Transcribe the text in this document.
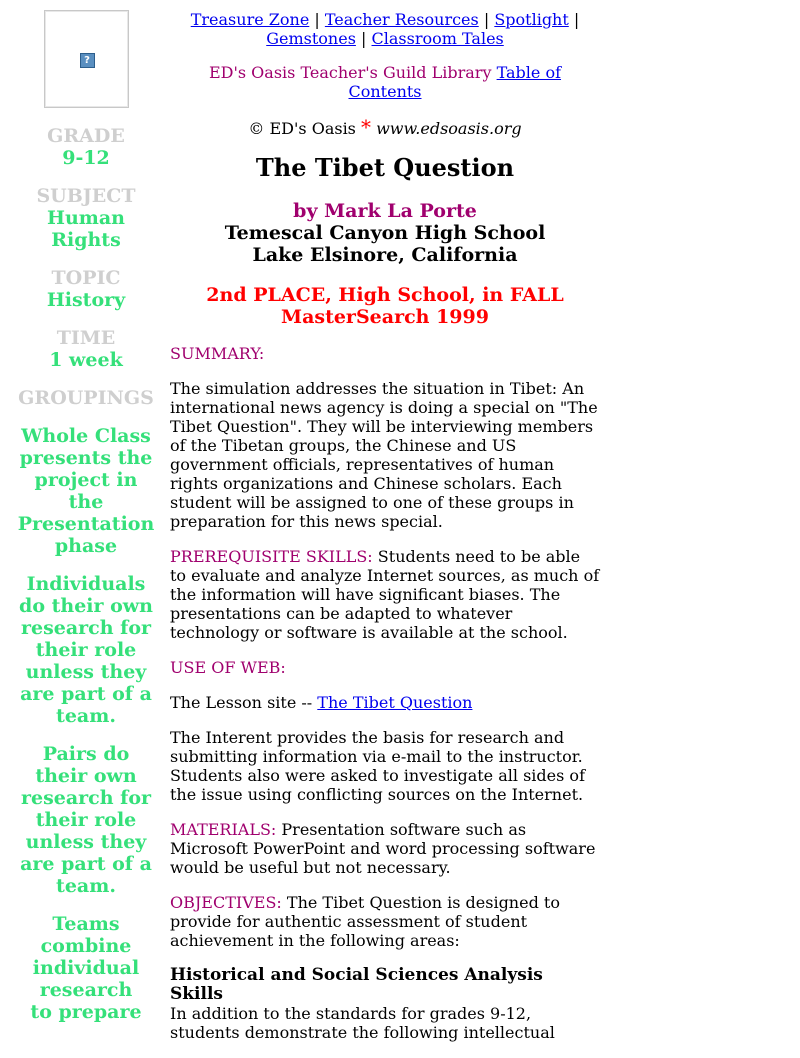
?
GRADE
9-12
SUBJECT
Human Rights
TOPIC
History
TIME
1 week
GROUPINGS
Whole Class presents the project in the Presentation phase
Individuals do their own research for their role unless they are part of a team.
Pairs do their own research for their role unless they are part of a team.
Teams combine individual research to prepare
Treasure Zone | Teacher Resources | Spotlight |
Gemstones | Classroom Tales
ED's Oasis Teacher's Guild Library Table of Contents
© ED's Oasis * www.edsoasis.org
The Tibet Question
by Mark La Porte
Temescal Canyon High School
Lake Elsinore, California
2nd PLACE, High School, in FALL MasterSearch 1999

SUMMARY:

The simulation addresses the situation in Tibet: An international news agency is doing a special on "The Tibet Question". They will be interviewing members of the Tibetan groups, the Chinese and US government officials, representatives of human rights organizations and Chinese scholars. Each student will be assigned to one of these groups in preparation for this news special.

PREREQUISITE SKILLS: Students need to be able to evaluate and analyze Internet sources, as much of the information will have significant biases. The presentations can be adapted to whatever technology or software is available at the school.

USE OF WEB:

The Lesson site -- The Tibet Question

The Interent provides the basis for research and submitting information via e-mail to the instructor. Students also were asked to investigate all sides of the issue using conflicting sources on the Internet.

MATERIALS: Presentation software such as Microsoft PowerPoint and word processing software would be useful but not necessary.

OBJECTIVES: The Tibet Question is designed to provide for authentic assessment of student achievement in the following areas:

Historical and Social Sciences Analysis Skills

In addition to the standards for grades 9-12, students demonstrate the following intellectual
